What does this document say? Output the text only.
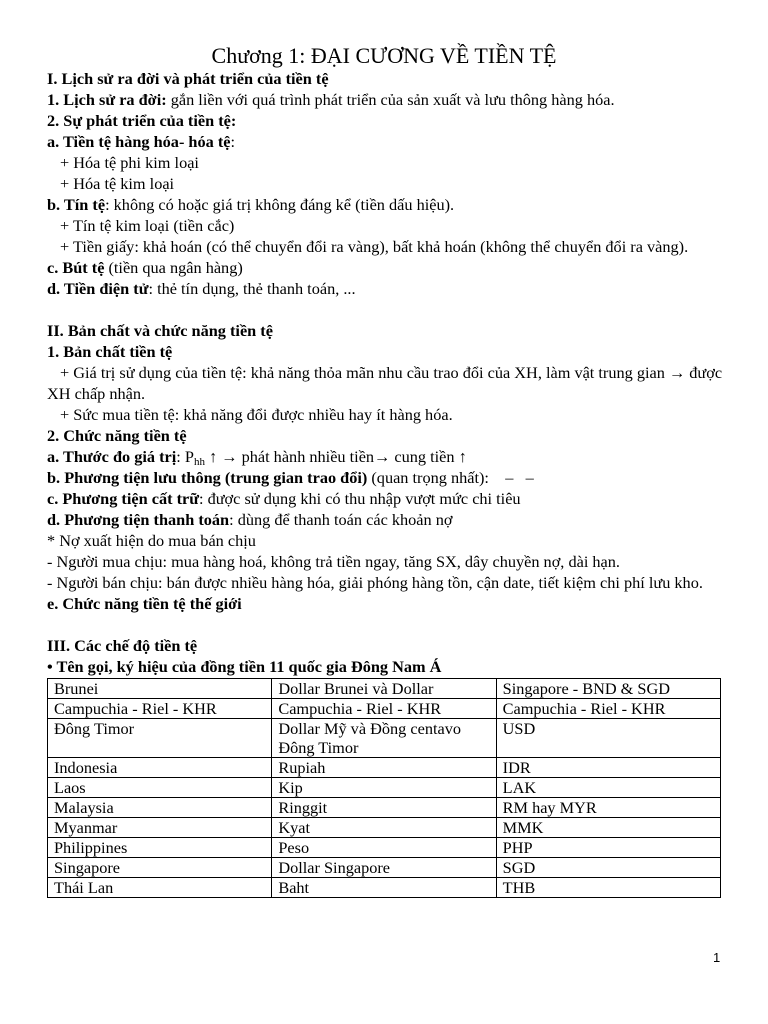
Chương 1: ĐẠI CƯƠNG VỀ TIỀN TỆ

I. Lịch sử ra đời và phát triển của tiền tệ

1. Lịch sử ra đời: gắn liền với quá trình phát triển của sản xuất và lưu thông hàng hóa.

2. Sự phát triển của tiền tệ:

a. Tiền tệ hàng hóa- hóa tệ:

+ Hóa tệ phi kim loại

+ Hóa tệ kim loại

b. Tín tệ: không có hoặc giá trị không đáng kể (tiền dấu hiệu).

+ Tín tệ kim loại (tiền cắc)

+ Tiền giấy: khả hoán (có thể chuyển đổi ra vàng), bất khả hoán (không thể chuyển đổi ra vàng).

c. Bút tệ (tiền qua ngân hàng)

d. Tiền điện tử: thẻ tín dụng, thẻ thanh toán, ...

II. Bản chất và chức năng tiền tệ

1. Bản chất tiền tệ

+ Giá trị sử dụng của tiền tệ: khả năng thỏa mãn nhu cầu trao đổi của XH, làm vật trung gian → được XH chấp nhận.

+ Sức mua tiền tệ: khả năng đổi được nhiều hay ít hàng hóa.

2. Chức năng tiền tệ

a. Thước đo giá trị: $P_{hh}$ ↑ → phát hành nhiều tiền→ cung tiền ↑

b. Phương tiện lưu thông (trung gian trao đổi) (quan trọng nhất):    –   –

c. Phương tiện cất trữ: được sử dụng khi có thu nhập vượt mức chi tiêu

d. Phương tiện thanh toán: dùng để thanh toán các khoản nợ

* Nợ xuất hiện do mua bán chịu

- Người mua chịu: mua hàng hoá, không trả tiền ngay, tăng SX, dây chuyền nợ, dài hạn.

- Người bán chịu: bán được nhiều hàng hóa, giải phóng hàng tồn, cận date, tiết kiệm chi phí lưu kho.

e. Chức năng tiền tệ thế giới

III. Các chế độ tiền tệ

• Tên gọi, ký hiệu của đồng tiền 11 quốc gia Đông Nam Á

Brunei	Dollar Brunei và Dollar	Singapore - BND & SGD
Campuchia - Riel - KHR	Campuchia - Riel - KHR	Campuchia - Riel - KHR
Đông Timor	Dollar Mỹ và Đồng centavo Đông Timor	USD
Indonesia	Rupiah	IDR
Laos	Kip	LAK
Malaysia	Ringgit	RM hay MYR
Myanmar	Kyat	MMK
Philippines	Peso	PHP
Singapore	Dollar Singapore	SGD
Thái Lan	Baht	THB
1
